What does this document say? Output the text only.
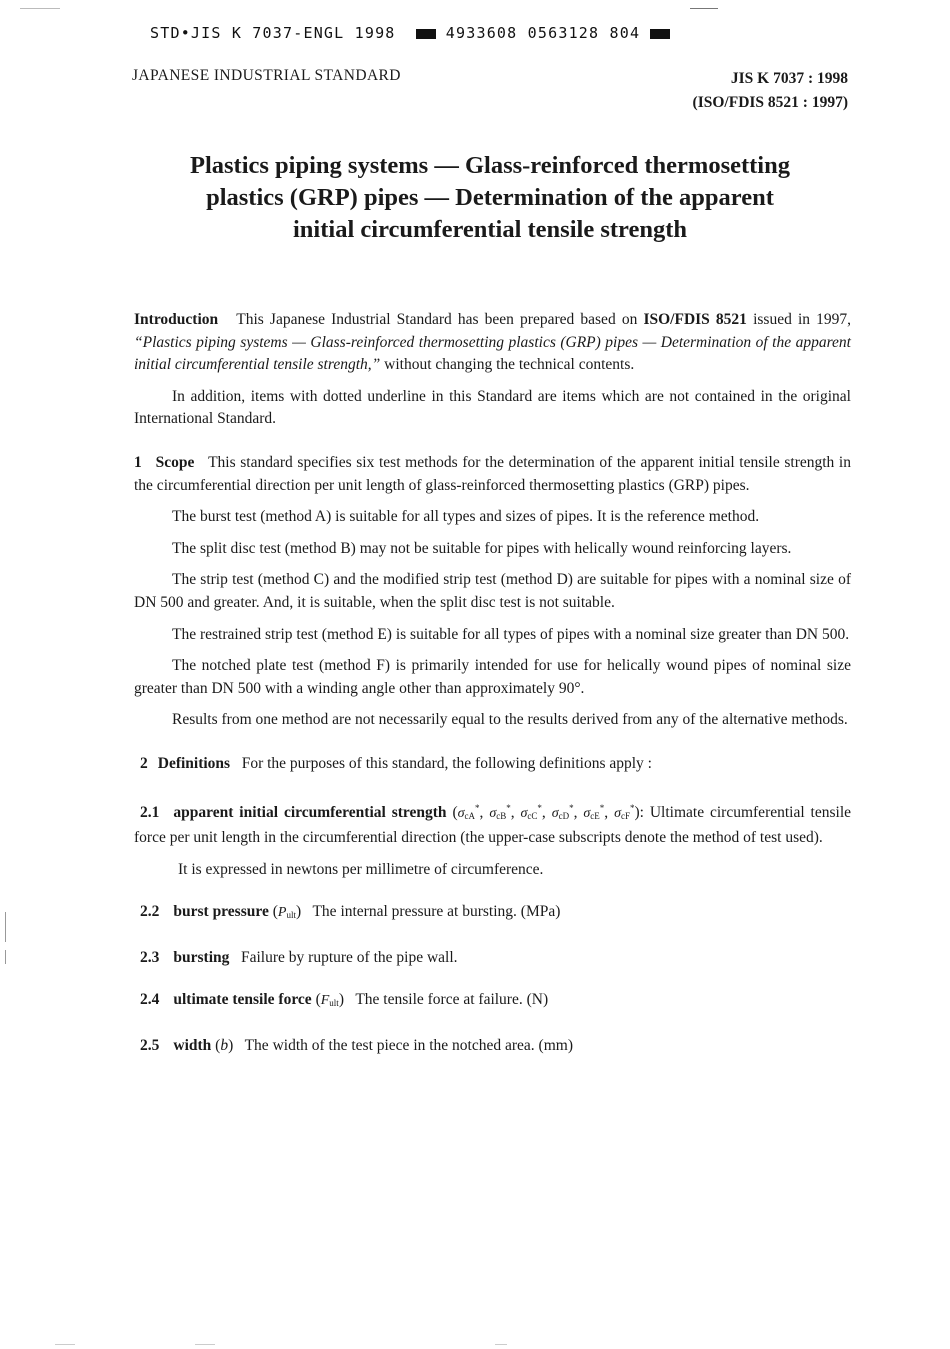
STD•JIS K 7037-ENGL 1998	4933608 0563128 804
JAPANESE INDUSTRIAL STANDARD	JIS K 7037 : 1998
(ISO/FDIS 8521 : 1997)
Plastics piping systems — Glass-reinforced thermosetting
plastics (GRP) pipes — Determination of the apparent
initial circumferential tensile strength

Introduction This Japanese Industrial Standard has been prepared based on ISO/FDIS 8521 issued in 1997, “Plastics piping systems — Glass-reinforced thermosetting plastics (GRP) pipes — Determination of the apparent initial circumferential tensile strength,” without changing the technical contents.

In addition, items with dotted underline in this Standard are items which are not contained in the original International Standard.

1 Scope This standard specifies six test methods for the determination of the apparent initial tensile strength in the circumferential direction per unit length of glass-reinforced thermosetting plastics (GRP) pipes.

The burst test (method A) is suitable for all types and sizes of pipes. It is the reference method.

The split disc test (method B) may not be suitable for pipes with helically wound reinforcing layers.

The strip test (method C) and the modified strip test (method D) are suitable for pipes with a nominal size of DN 500 and greater. And, it is suitable, when the split disc test is not suitable.

The restrained strip test (method E) is suitable for all types of pipes with a nominal size greater than DN 500.

The notched plate test (method F) is primarily intended for use for helically wound pipes of nominal size greater than DN 500 with a winding angle other than approximately 90°.

Results from one method are not necessarily equal to the results derived from any of the alternative methods.

2 Definitions For the purposes of this standard, the following definitions apply :

2.1 apparent initial circumferential strength ($\sigma_{cA}^*$, $\sigma_{cB}^*$, $\sigma_{cC}^*$, $\sigma_{cD}^*$, $\sigma_{cE}^*$, $\sigma_{cF}^*$): Ultimate circumferential tensile force per unit length in the circumferential direction (the upper-case subscripts denote the method of test used).

It is expressed in newtons per millimetre of circumference.

2.2 burst pressure $(P_{ult})$   The internal pressure at bursting. (MPa)

2.3 bursting Failure by rupture of the pipe wall.

2.4 ultimate tensile force $(F_{ult})$   The tensile force at failure. (N)

2.5 width (b)   The width of the test piece in the notched area. (mm)
